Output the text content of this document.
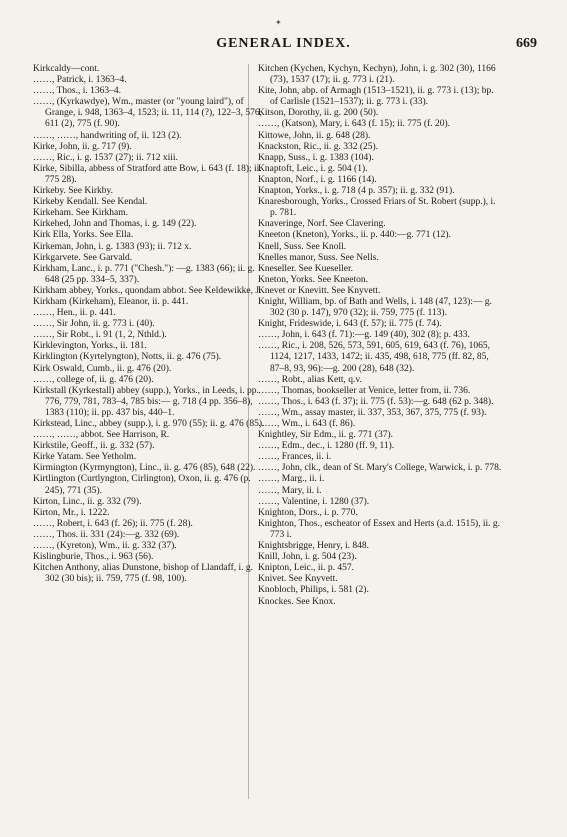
✦
GENERAL INDEX.	669

Kirkcaldy—cont.

……, Patrick, i. 1363–4.

……, Thos., i. 1363–4.

……, (Kyrkawdye), Wm., master (or "young laird"), of Grange, i. 948, 1363–4, 1523; ii. 11, 114 (?), 122–3, 576, 611 (2), 775 (f. 90).

……, ……, handwriting of, ii. 123 (2).

Kirke, John, ii. g. 717 (9).

……, Ric., i. g. 1537 (27); ii. 712 xiii.

Kirke, Sibilla, abbess of Stratford atte Bow, i. 643 (f. 18); ii. 775 28).

Kirkeby. See Kirkby.

Kirkeby Kendall. See Kendal.

Kirkeham. See Kirkham.

Kirkehed, John and Thomas, i. g. 149 (22).

Kirk Ella, Yorks. See Ella.

Kirkeman, John, i. g. 1383 (93); ii. 712 x.

Kirkgarvete. See Garvald.

Kirkham, Lanc., i. p. 771 ("Chesh."): —g. 1383 (66); ii. g. 648 (25 pp. 334–5, 337).

Kirkham abbey, Yorks., quondam abbot. See Keldewikke, J.

Kirkham (Kirkeham), Eleanor, ii. p. 441.

……, Hen., ii. p. 441.

……, Sir John, ii. g. 773 i. (40).

……, Sir Robt., i. 91 (1, 2, Nthld.).

Kirklevington, Yorks., ii. 181.

Kirklington (Kyrtelyngton), Notts, ii. g. 476 (75).

Kirk Oswald, Cumb., ii. g. 476 (20).

……, college of, ii. g. 476 (20).

Kirkstall (Kyrkestall) abbey (supp.), Yorks., in Leeds, i. pp. 776, 779, 781, 783–4, 785 bis:— g. 718 (4 pp. 356–8), 1383 (110); ii. pp. 437 bis, 440–1.

Kirkstead, Linc., abbey (supp.), i. g. 970 (55); ii. g. 476 (85).

……, ……, abbot. See Harrison, R.

Kirkstile, Geoff., ii. g. 332 (57).

Kirke Yatam. See Yetholm.

Kirmington (Kyrmyngton), Linc., ii. g. 476 (85), 648 (22).

Kirtlington (Curtlyngton, Cirlington), Oxon, ii. g. 476 (p. 245), 771 (35).

Kirton, Linc., ii. g. 332 (79).

Kirton, Mr., i. 1222.

……, Robert, i. 643 (f. 26); ii. 775 (f. 28).

……, Thos. ii. 331 (24):—g. 332 (69).

……, (Kyreton), Wm., ii. g. 332 (37).

Kislingburie, Thos., i. 963 (56).

Kitchen Anthony, alias Dunstone, bishop of Llandaff, i. g. 302 (30 bis); ii. 759, 775 (f. 98, 100).

Kitchen (Kychen, Kychyn, Kechyn), John, i. g. 302 (30), 1166 (73), 1537 (17); ii. g. 773 i. (21).

Kite, John, abp. of Armagh (1513–1521), ii. g. 773 i. (13); bp. of Carlisle (1521–1537); ii. g. 773 i. (33).

Kitson, Dorothy, ii. g. 200 (50).

……, (Katson), Mary, i. 643 (f. 15); ii. 775 (f. 20).

Kittowe, John, ii. g. 648 (28).

Knackston, Ric., ii. g. 332 (25).

Knapp, Suss., i. g. 1383 (104).

Knaptoft, Leic., i. g. 504 (1).

Knapton, Norf., i. g. 1166 (14).

Knapton, Yorks., i. g. 718 (4 p. 357); ii. g. 332 (91).

Knaresborough, Yorks., Crossed Friars of St. Robert (supp.), i. p. 781.

Knaveringe, Norf. See Clavering.

Kneeton (Kneton), Yorks., ii. p. 440:—g. 771 (12).

Knell, Suss. See Knoll.

Knelles manor, Suss. See Nells.

Kneseller. See Kueseller.

Kneton, Yorks. See Kneeton.

Knevet or Knevitt. See Knyvett.

Knight, William, bp. of Bath and Wells, i. 148 (47, 123):— g. 302 (30 p. 147), 970 (32); ii. 759, 775 (f. 113).

Knight, Frideswide, i. 643 (f. 57); ii. 775 (f. 74).

……, John, i. 643 (f. 71):—g. 149 (40), 302 (8); p. 433.

……, Ric., i. 208, 526, 573, 591, 605, 619, 643 (f. 76), 1065, 1124, 1217, 1433, 1472; ii. 435, 498, 618, 775 (ff. 82, 85, 87–8, 93, 96):—g. 200 (28), 648 (32).

……, Robt., alias Kett, q.v.

……, Thomas, bookseller at Venice, letter from, ii. 736.

……, Thos., i. 643 (f. 37); ii. 775 (f. 53):—g. 648 (62 p. 348).

……, Wm., assay master, ii. 337, 353, 367, 375, 775 (f. 93).

……, Wm., i. 643 (f. 86).

Knightley, Sir Edm., ii. g. 771 (37).

……, Edm., dec., i. 1280 (ff. 9, 11).

……, Frances, ii. i.

……, John, clk., dean of St. Mary's College, Warwick, i. p. 778.

……, Marg., ii. i.

……, Mary, ii. i.

……, Valentine, i. 1280 (37).

Knighton, Dors., i. p. 770.

Knighton, Thos., escheator of Essex and Herts (a.d. 1515), ii. g. 773 i.

Knightsbrigge, Henry, i. 848.

Knill, John, i. g. 504 (23).

Knipton, Leic., ii. p. 457.

Knivet. See Knyvett.

Knobloch, Philips, i. 581 (2).

Knockes. See Knox.
